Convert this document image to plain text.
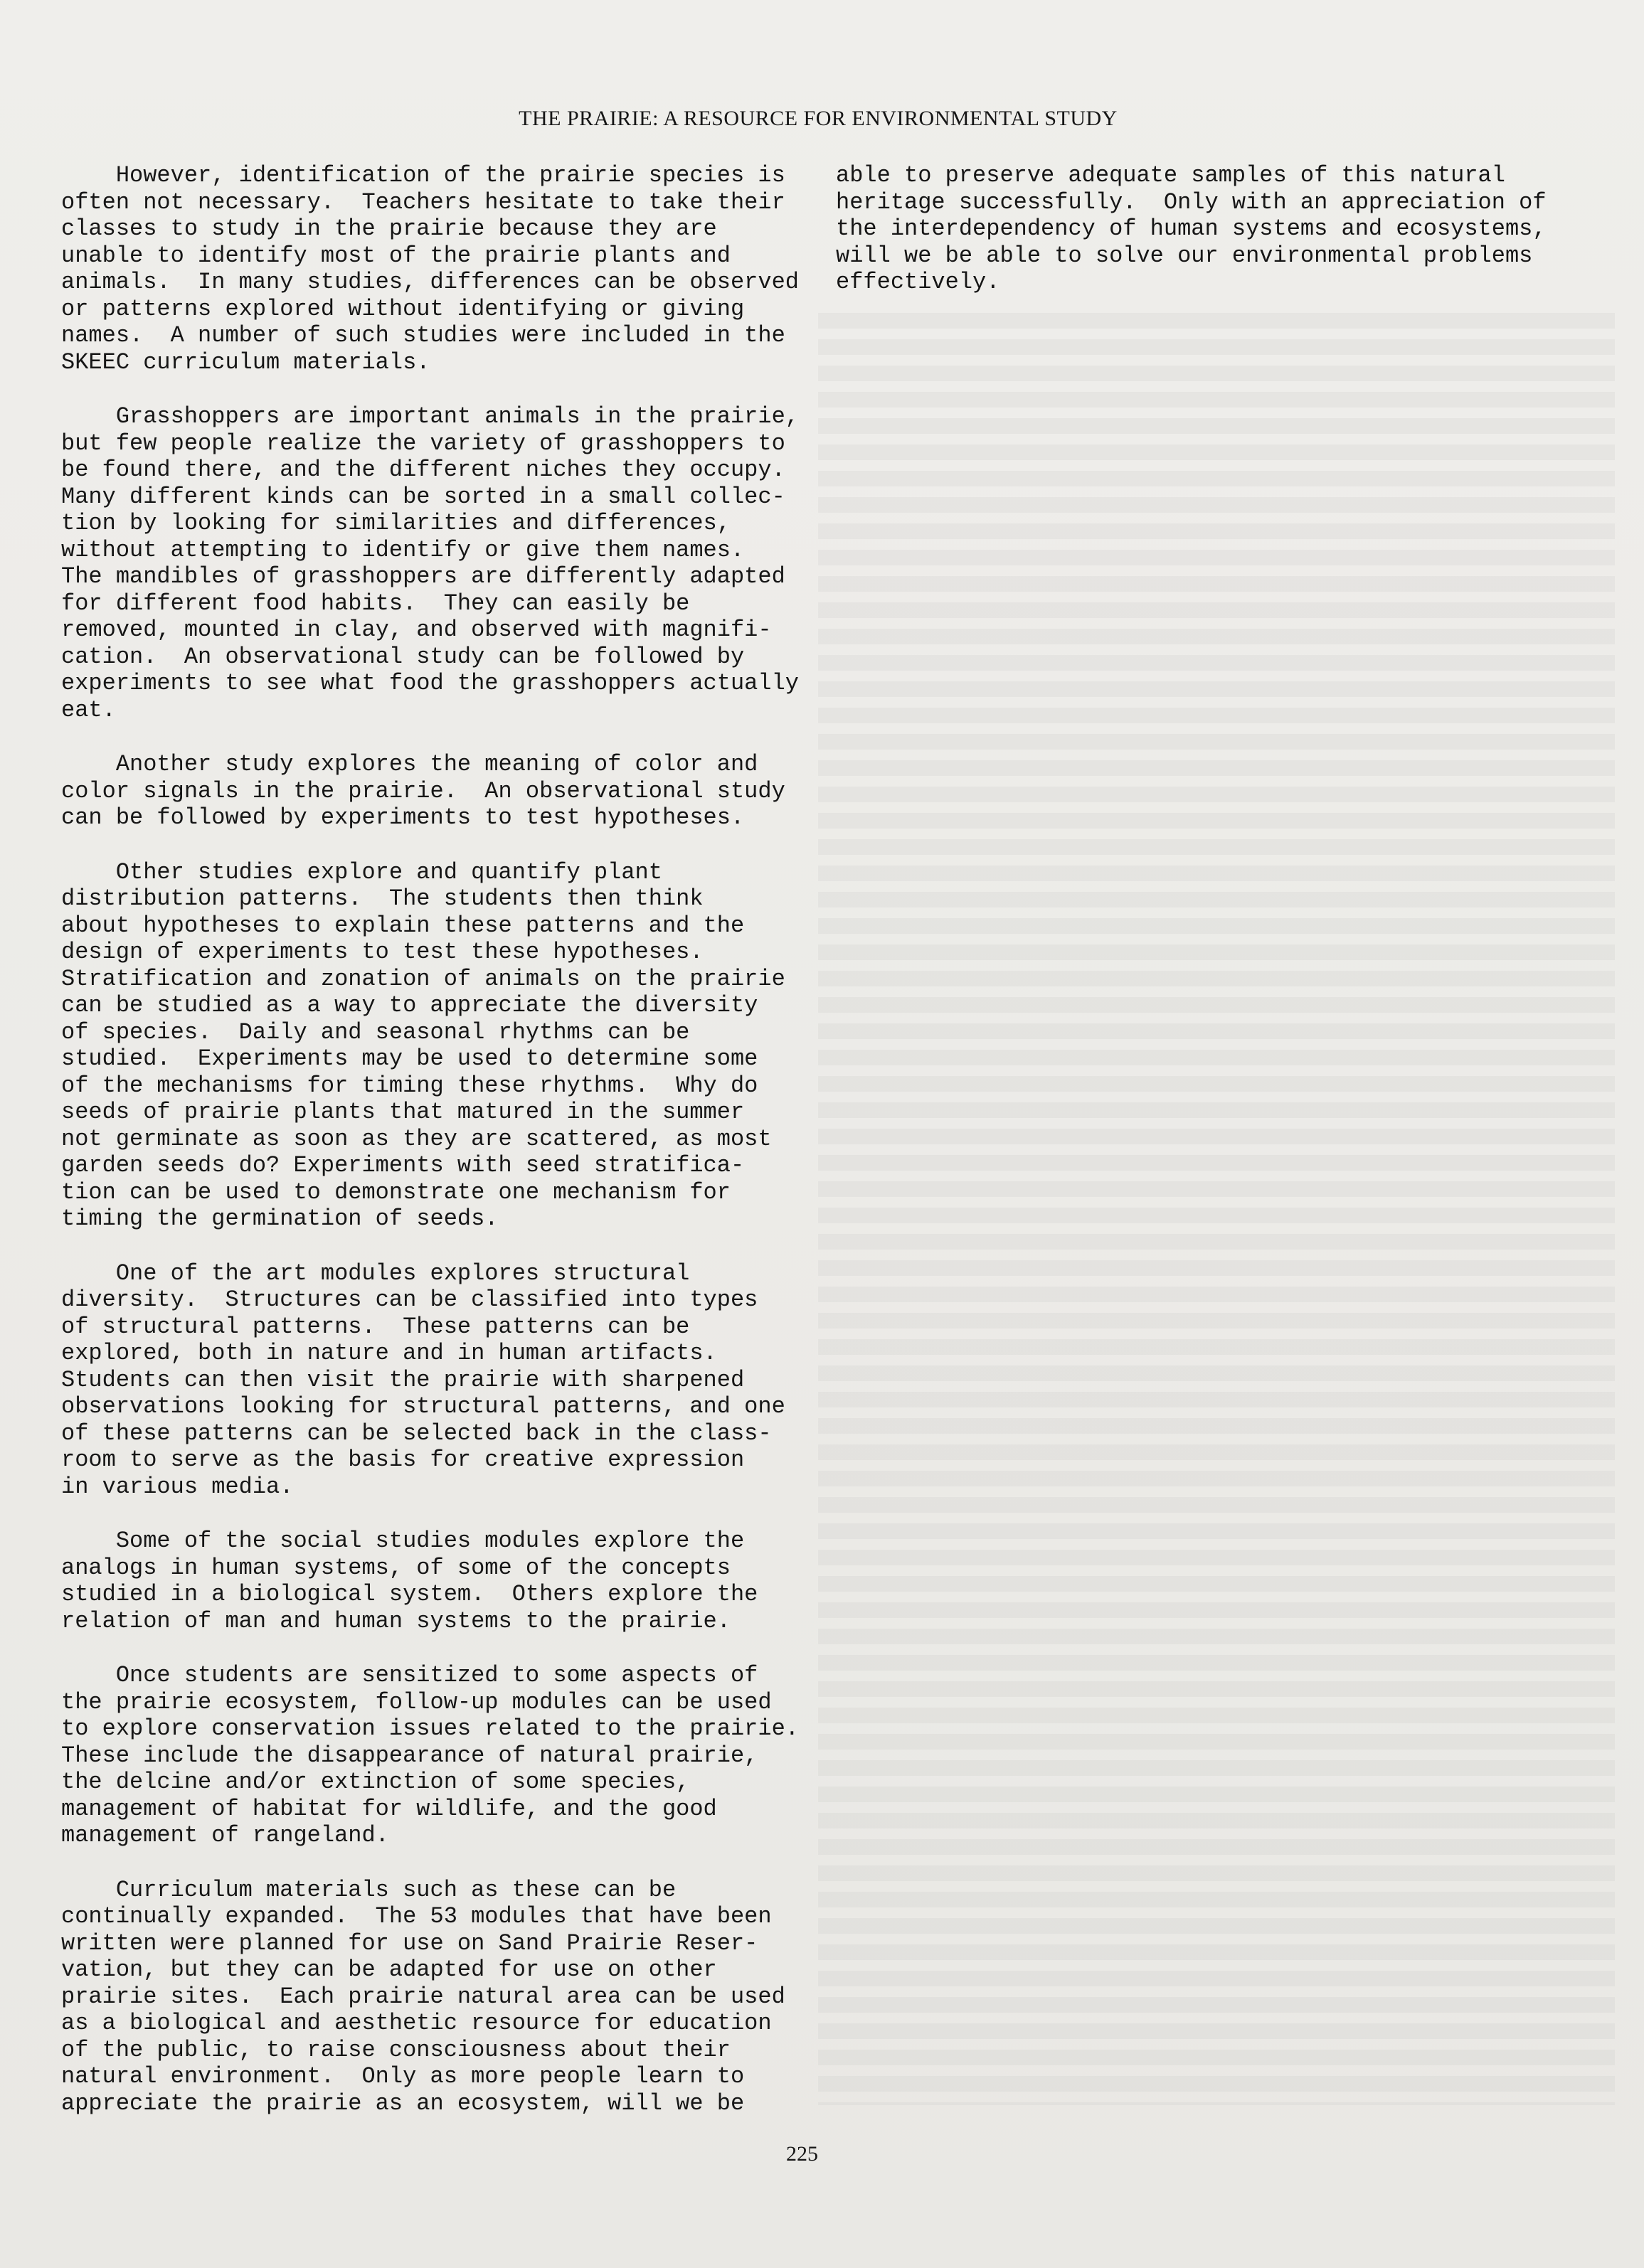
THE PRAIRIE: A RESOURCE FOR ENVIRONMENTAL STUDY
However, identification of the prairie species is
often not necessary.  Teachers hesitate to take their
classes to study in the prairie because they are
unable to identify most of the prairie plants and
animals.  In many studies, differences can be observed
or patterns explored without identifying or giving
names.  A number of such studies were included in the
SKEEC curriculum materials.
Grasshoppers are important animals in the prairie,
but few people realize the variety of grasshoppers to
be found there, and the different niches they occupy.
Many different kinds can be sorted in a small collec-
tion by looking for similarities and differences,
without attempting to identify or give them names.
The mandibles of grasshoppers are differently adapted
for different food habits.  They can easily be
removed, mounted in clay, and observed with magnifi-
cation.  An observational study can be followed by
experiments to see what food the grasshoppers actually
eat.
Another study explores the meaning of color and
color signals in the prairie.  An observational study
can be followed by experiments to test hypotheses.
Other studies explore and quantify plant
distribution patterns.  The students then think
about hypotheses to explain these patterns and the
design of experiments to test these hypotheses.
Stratification and zonation of animals on the prairie
can be studied as a way to appreciate the diversity
of species.  Daily and seasonal rhythms can be
studied.  Experiments may be used to determine some
of the mechanisms for timing these rhythms.  Why do
seeds of prairie plants that matured in the summer
not germinate as soon as they are scattered, as most
garden seeds do? Experiments with seed stratifica-
tion can be used to demonstrate one mechanism for
timing the germination of seeds.
One of the art modules explores structural
diversity.  Structures can be classified into types
of structural patterns.  These patterns can be
explored, both in nature and in human artifacts.
Students can then visit the prairie with sharpened
observations looking for structural patterns, and one
of these patterns can be selected back in the class-
room to serve as the basis for creative expression
in various media.
Some of the social studies modules explore the
analogs in human systems, of some of the concepts
studied in a biological system.  Others explore the
relation of man and human systems to the prairie.
Once students are sensitized to some aspects of
the prairie ecosystem, follow-up modules can be used
to explore conservation issues related to the prairie.
These include the disappearance of natural prairie,
the delcine and/or extinction of some species,
management of habitat for wildlife, and the good
management of rangeland.
Curriculum materials such as these can be
continually expanded.  The 53 modules that have been
written were planned for use on Sand Prairie Reser-
vation, but they can be adapted for use on other
prairie sites.  Each prairie natural area can be used
as a biological and aesthetic resource for education
of the public, to raise consciousness about their
natural environment.  Only as more people learn to
appreciate the prairie as an ecosystem, will we be
able to preserve adequate samples of this natural
heritage successfully.  Only with an appreciation of
the interdependency of human systems and ecosystems,
will we be able to solve our environmental problems
effectively.
225
